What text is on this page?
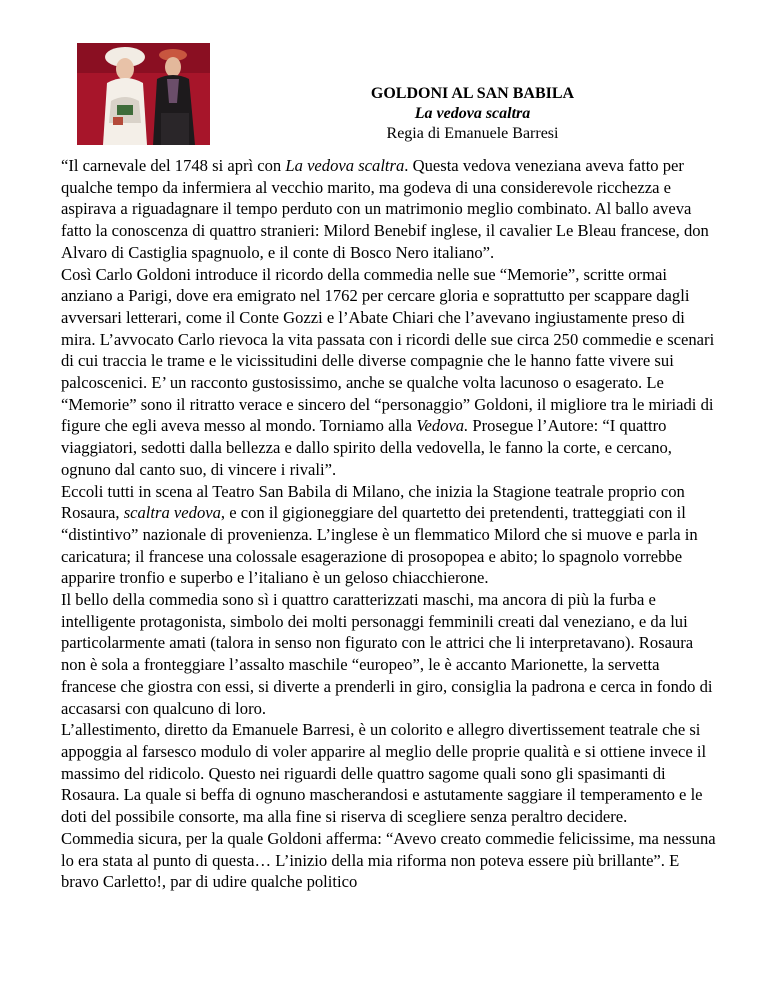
GOLDONI AL SAN BABILA
La vedova scaltra
Regia di Emanuele Barresi

“Il carnevale del 1748 si aprì con La vedova scaltra. Questa vedova veneziana aveva fatto per qualche tempo da infermiera al vecchio marito, ma godeva di una considerevole ricchezza e aspirava a riguadagnare il tempo perduto con un matrimonio meglio combinato. Al ballo aveva fatto la conoscenza di quattro stranieri: Milord Benebif inglese, il cavalier Le Bleau francese, don Alvaro di Castiglia spagnuolo, e il conte di Bosco Nero italiano”.

Così Carlo Goldoni introduce il ricordo della commedia nelle sue “Memorie”, scritte ormai anziano a Parigi, dove era emigrato nel 1762 per cercare gloria e soprattutto per scappare dagli avversari letterari, come il Conte Gozzi e l’Abate Chiari che l’avevano ingiustamente preso di mira. L’avvocato Carlo rievoca la vita passata con i ricordi delle sue circa 250 commedie e scenari di cui traccia le trame e le vicissitudini delle diverse compagnie che le hanno fatte vivere sui palcoscenici. E’ un racconto gustosissimo, anche se qualche volta lacunoso o esagerato. Le “Memorie” sono il ritratto verace e sincero del “personaggio” Goldoni, il migliore tra le miriadi di figure che egli aveva messo al mondo. Torniamo alla Vedova. Prosegue l’Autore: “I quattro viaggiatori, sedotti dalla bellezza e dallo spirito della vedovella, le fanno la corte, e cercano, ognuno dal canto suo, di vincere i rivali”.

Eccoli tutti in scena al Teatro San Babila di Milano, che inizia la Stagione teatrale proprio con Rosaura, scaltra vedova, e con il gigioneggiare del quartetto dei pretendenti, tratteggiati con il “distintivo” nazionale di provenienza. L’inglese è un flemmatico Milord che si muove e parla in caricatura; il francese una colossale esagerazione di prosopopea e abito; lo spagnolo vorrebbe apparire tronfio e superbo e l’italiano è un geloso chiacchierone.

Il bello della commedia sono sì i quattro caratterizzati maschi, ma ancora di più la furba e intelligente protagonista, simbolo dei molti personaggi femminili creati dal veneziano, e da lui particolarmente amati (talora in senso non figurato con le attrici che li interpretavano). Rosaura non è sola a fronteggiare l’assalto maschile “europeo”, le è accanto Marionette, la servetta francese che giostra con essi, si diverte a prenderli in giro, consiglia la padrona e cerca in fondo di accasarsi con qualcuno di loro.

L’allestimento, diretto da Emanuele Barresi, è un colorito e allegro divertissement teatrale che si appoggia al farsesco modulo di voler apparire al meglio delle proprie qualità e si ottiene invece il massimo del ridicolo. Questo nei riguardi delle quattro sagome quali sono gli spasimanti di Rosaura. La quale si beffa di ognuno mascherandosi e astutamente saggiare il temperamento e le doti del possibile consorte, ma alla fine si riserva di scegliere senza peraltro decidere.

Commedia sicura, per la quale Goldoni afferma: “Avevo creato commedie felicissime, ma nessuna lo era stata al punto di questa… L’inizio della mia riforma non poteva essere più brillante”. E bravo Carletto!, par di udire qualche politico
